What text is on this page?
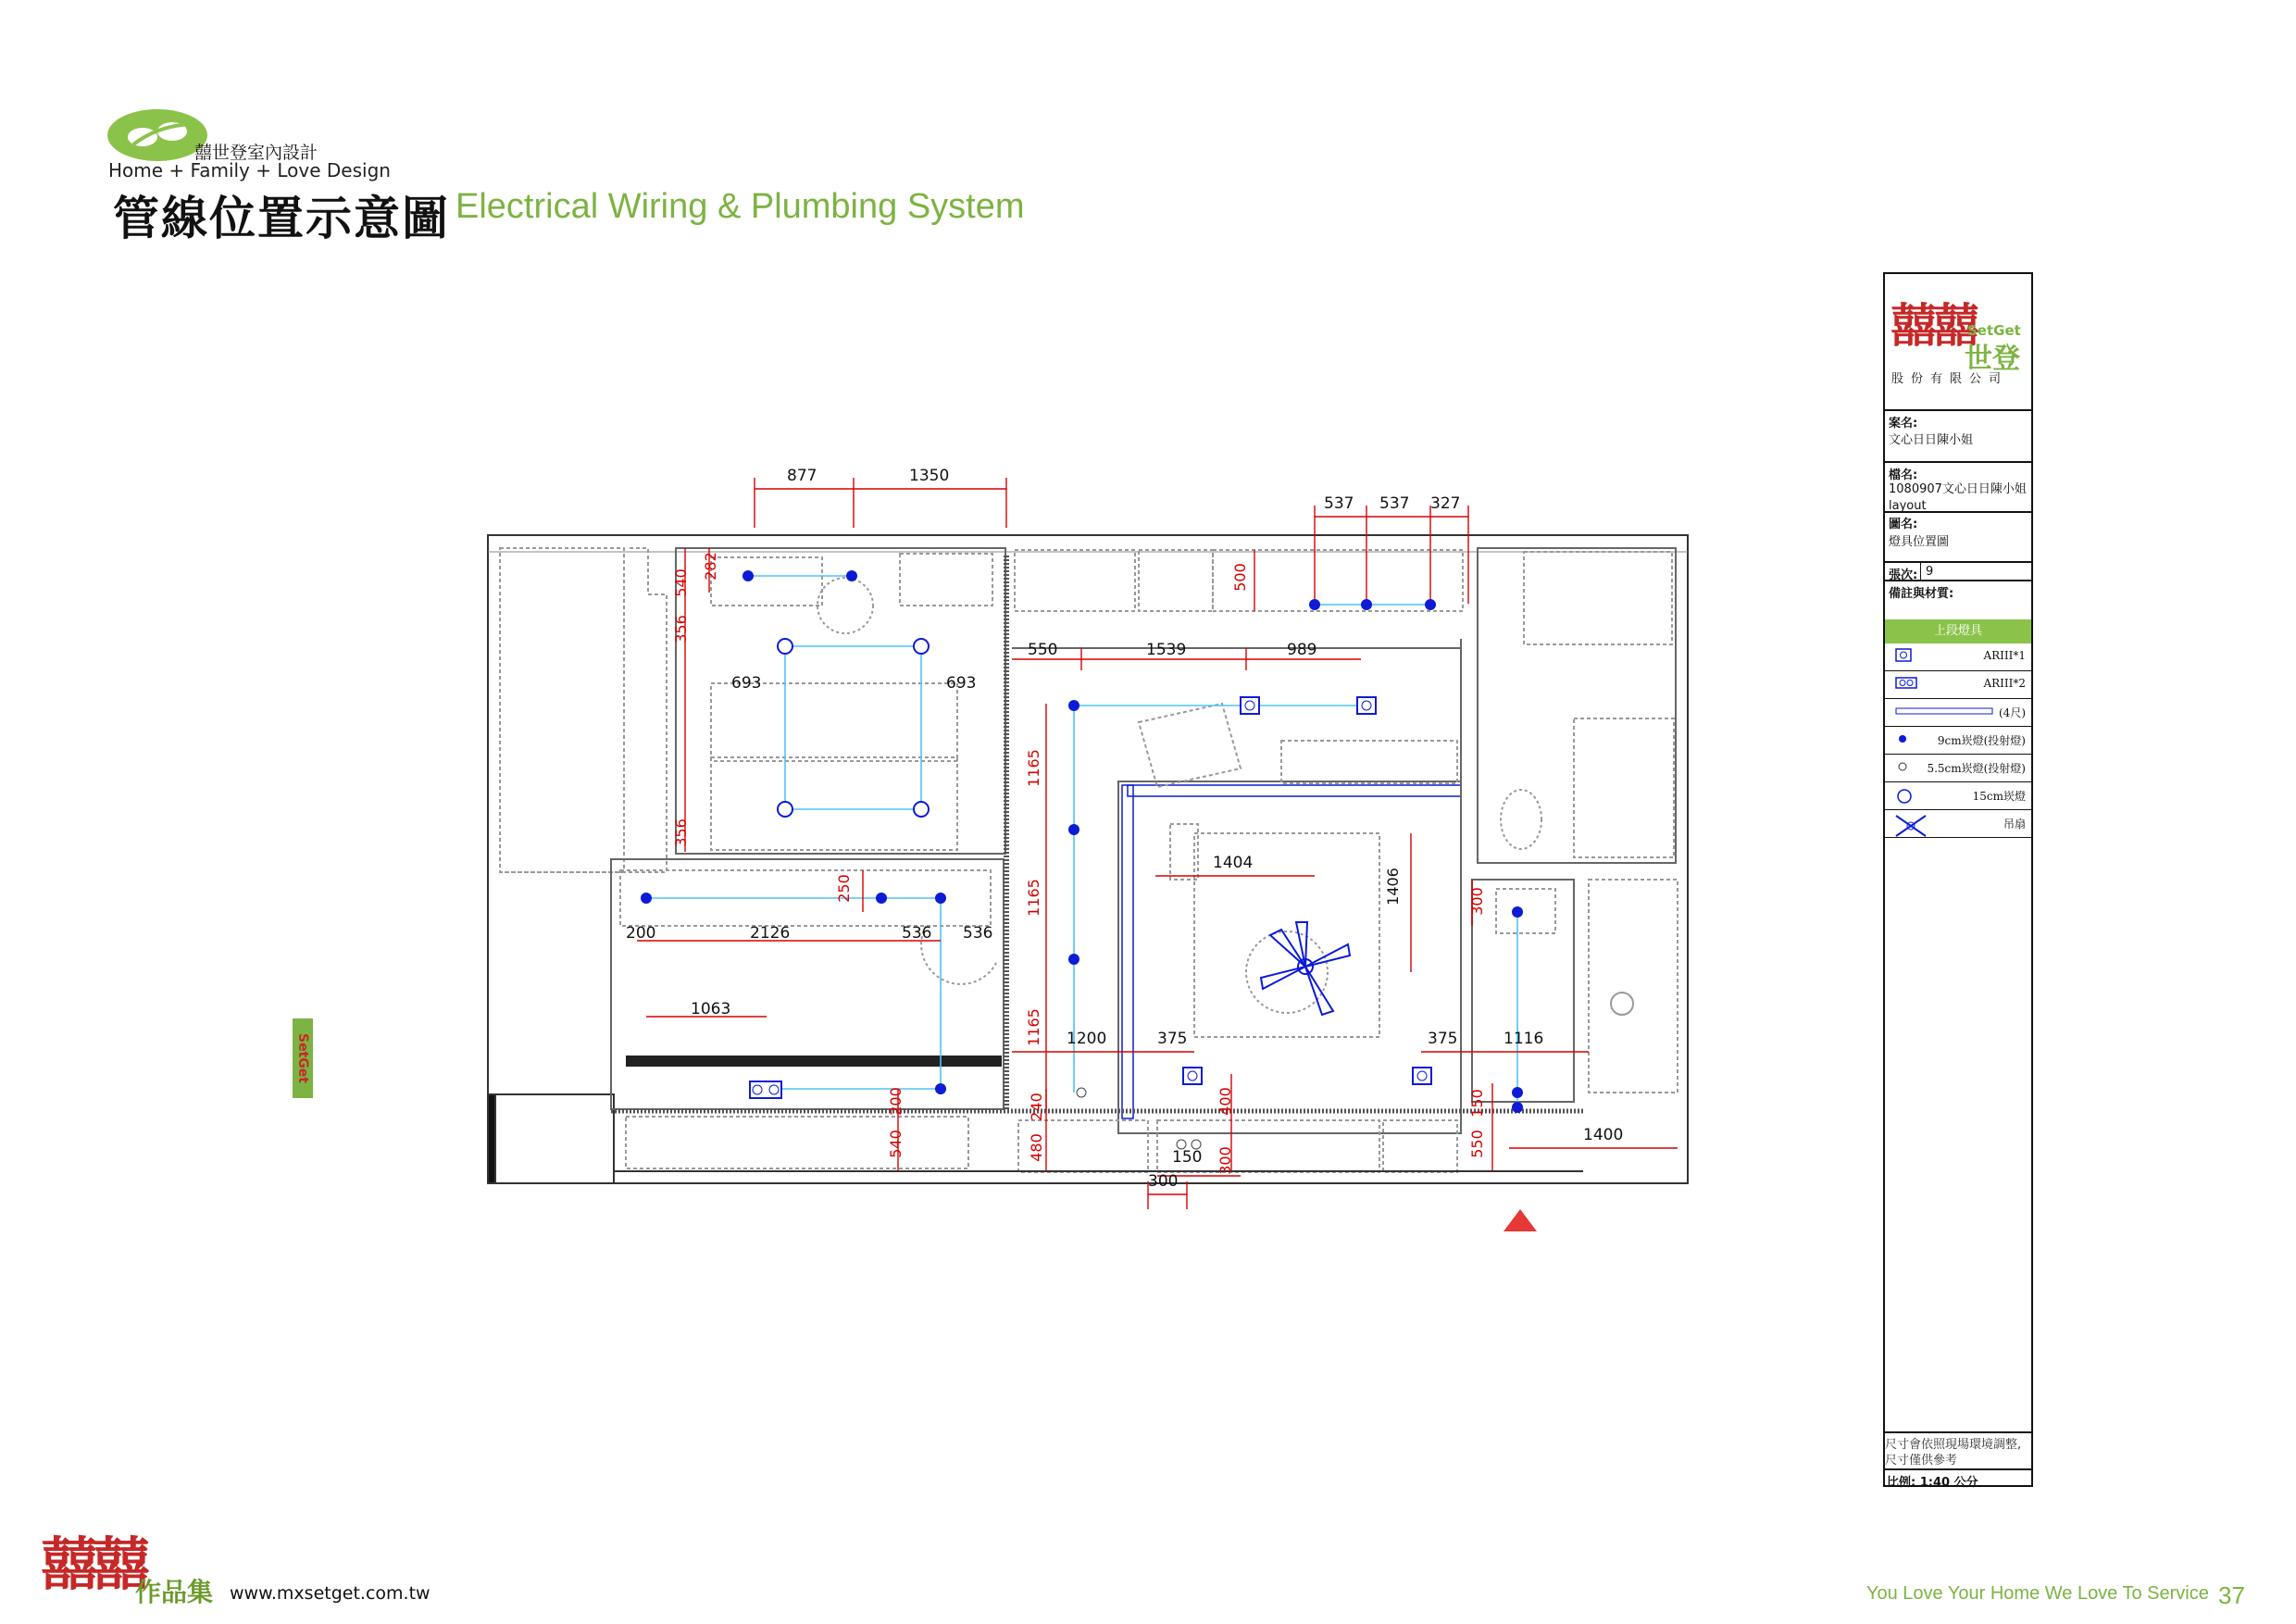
囍世登室內設計
Home + Family + Love Design
管線位置示意圖 Electrical Wiring & Plumbing System
SetGet
877	1350
537 537 327
540
282
356
356
693	693
550	1539	989
500
1165
1165
1165
1404
1406
250
200	2126	536 536
1063
1200	375	375	1116
300
200
540
240
480
400
300
150
300
150
550	1400
囍囍
SetGet
世登
股份有限公司
案名:
文心日日陳小姐
檔名:
1080907文心日日陳小姐layout
圖名:
燈具位置圖
張次: 9
備註與材質:
上段燈具
ARIII*1
ARIII*2
(4尺)
9cm崁燈(投射燈)
5.5cm崁燈(投射燈)
15cm崁燈
吊扇
尺寸會依照現場環境調整,尺寸僅供參考
比例: 1:40 公分
囍囍
作品集 www.mxsetget.com.tw	You Love Your Home We Love To Service 37
